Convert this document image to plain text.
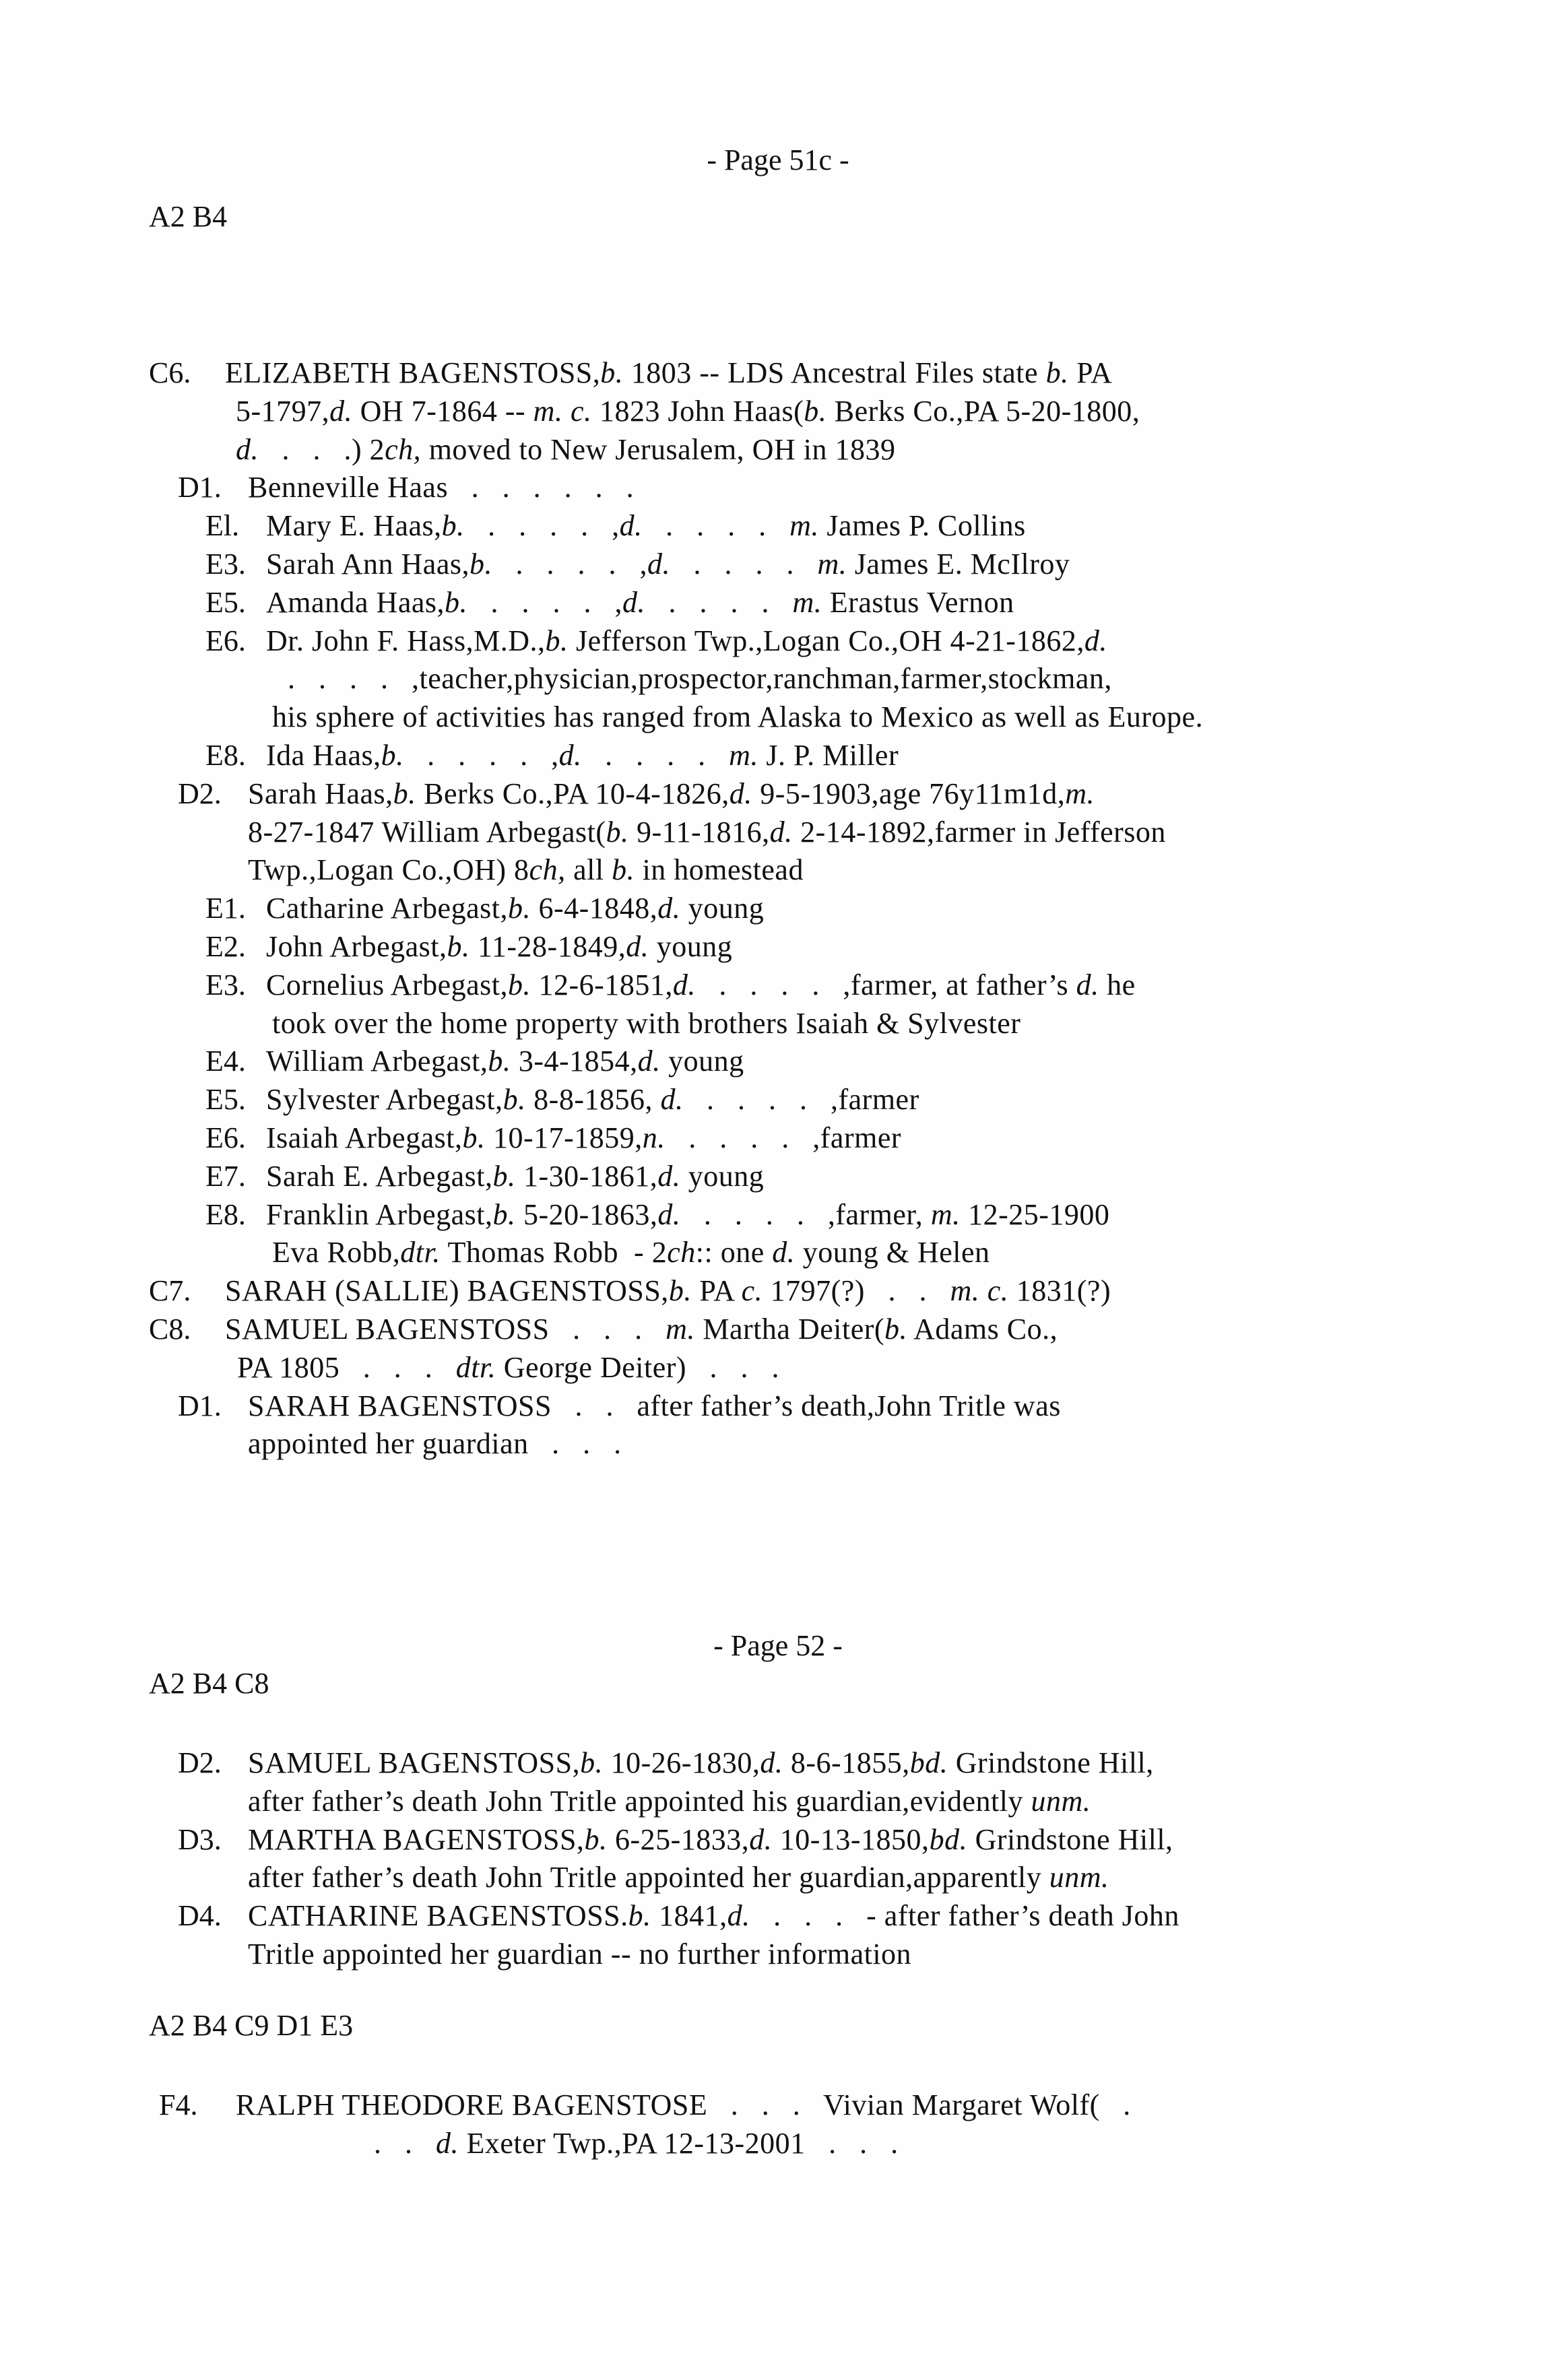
- Page 51c -
A2 B4
C6. ELIZABETH BAGENSTOSS,b. 1803 -- LDS Ancestral Files state b. PA
5-1797,d. OH 7-1864 -- m. c. 1823 John Haas(b. Berks Co.,PA 5-20-1800,
d.   .   .   .) 2ch, moved to New Jerusalem, OH in 1839
D1. Benneville Haas   .   .   .   .   .   .
El. Mary E. Haas,b.   .   .   .   .   ,d.   .   .   .   .   m. James P. Collins
E3. Sarah Ann Haas,b.   .   .   .   .   ,d.   .   .   .   .   m. James E. McIlroy
E5. Amanda Haas,b.   .   .   .   .   ,d.   .   .   .   .   m. Erastus Vernon
E6. Dr. John F. Hass,M.D.,b. Jefferson Twp.,Logan Co.,OH 4-21-1862,d.
.   .   .   .   ,teacher,physician,prospector,ranchman,farmer,stockman,
his sphere of activities has ranged from Alaska to Mexico as well as Europe.
E8. Ida Haas,b.   .   .   .   .   ,d.   .   .   .   .   m. J. P. Miller
D2. Sarah Haas,b. Berks Co.,PA 10-4-1826,d. 9-5-1903,age 76y11m1d,m.
8-27-1847 William Arbegast(b. 9-11-1816,d. 2-14-1892,farmer in Jefferson
Twp.,Logan Co.,OH) 8ch, all b. in homestead
E1. Catharine Arbegast,b. 6-4-1848,d. young
E2. John Arbegast,b. 11-28-1849,d. young
E3. Cornelius Arbegast,b. 12-6-1851,d.   .   .   .   .   ,farmer, at father’s d. he
took over the home property with brothers Isaiah & Sylvester
E4. William Arbegast,b. 3-4-1854,d. young
E5. Sylvester Arbegast,b. 8-8-1856, d.   .   .   .   .   ,farmer
E6. Isaiah Arbegast,b. 10-17-1859,n.   .   .   .   .   ,farmer
E7. Sarah E. Arbegast,b. 1-30-1861,d. young
E8. Franklin Arbegast,b. 5-20-1863,d.   .   .   .   .   ,farmer, m. 12-25-1900
Eva Robb,dtr. Thomas Robb  - 2ch:: one d. young & Helen
C7. SARAH (SALLIE) BAGENSTOSS,b. PA c. 1797(?)   .   .   m. c. 1831(?)
C8. SAMUEL BAGENSTOSS   .   .   .   m. Martha Deiter(b. Adams Co.,
PA 1805   .   .   .   dtr. George Deiter)   .   .   .
D1. SARAH BAGENSTOSS   .   .   after father’s death,John Tritle was
appointed her guardian   .   .   .
- Page 52 -
A2 B4 C8
D2. SAMUEL BAGENSTOSS,b. 10-26-1830,d. 8-6-1855,bd. Grindstone Hill,
after father’s death John Tritle appointed his guardian,evidently unm.
D3. MARTHA BAGENSTOSS,b. 6-25-1833,d. 10-13-1850,bd. Grindstone Hill,
after father’s death John Tritle appointed her guardian,apparently unm.
D4. CATHARINE BAGENSTOSS.b. 1841,d.   .   .   .   - after father’s death John
Tritle appointed her guardian -- no further information
A2 B4 C9 D1 E3
F4. RALPH THEODORE BAGENSTOSE   .   .   .   Vivian Margaret Wolf(   .
.   .   d. Exeter Twp.,PA 12-13-2001   .   .   .
